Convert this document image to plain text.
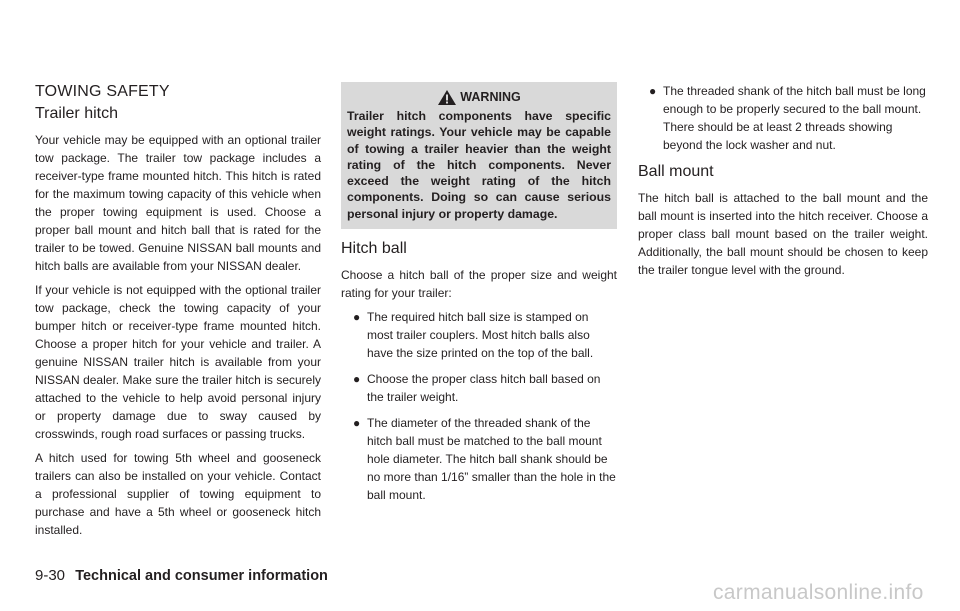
TOWING SAFETY
Trailer hitch

Your vehicle may be equipped with an optional trailer tow package. The trailer tow package includes a receiver-type frame mounted hitch. This hitch is rated for the maximum towing capacity of this vehicle when the proper towing equipment is used. Choose a proper ball mount and hitch ball that is rated for the trailer to be towed. Genuine NISSAN ball mounts and hitch balls are available from your NISSAN dealer.

If your vehicle is not equipped with the optional trailer tow package, check the towing capacity of your bumper hitch or receiver-type frame mounted hitch. Choose a proper hitch for your vehicle and trailer. A genuine NISSAN trailer hitch is available from your NISSAN dealer. Make sure the trailer hitch is securely attached to the vehicle to help avoid personal injury or property damage due to sway caused by crosswinds, rough road surfaces or passing trucks.

A hitch used for towing 5th wheel and gooseneck trailers can also be installed on your vehicle. Contact a professional supplier of towing equipment to purchase and have a 5th wheel or gooseneck hitch installed.

WARNING

Trailer hitch components have specific weight ratings. Your vehicle may be capable of towing a trailer heavier than the weight rating of the hitch components. Never exceed the weight rating of the hitch components. Doing so can cause serious personal injury or property damage.

Hitch ball

Choose a hitch ball of the proper size and weight rating for your trailer:

● The required hitch ball size is stamped on most trailer couplers. Most hitch balls also have the size printed on the top of the ball.
● Choose the proper class hitch ball based on the trailer weight.
● The diameter of the threaded shank of the hitch ball must be matched to the ball mount hole diameter. The hitch ball shank should be no more than 1/16” smaller than the hole in the ball mount.
● The threaded shank of the hitch ball must be long enough to be properly secured to the ball mount. There should be at least 2 threads showing beyond the lock washer and nut.
Ball mount

The hitch ball is attached to the ball mount and the ball mount is inserted into the hitch receiver. Choose a proper class ball mount based on the trailer weight. Additionally, the ball mount should be chosen to keep the trailer tongue level with the ground.

9-30 Technical and consumer information
carmanualsonline.info
